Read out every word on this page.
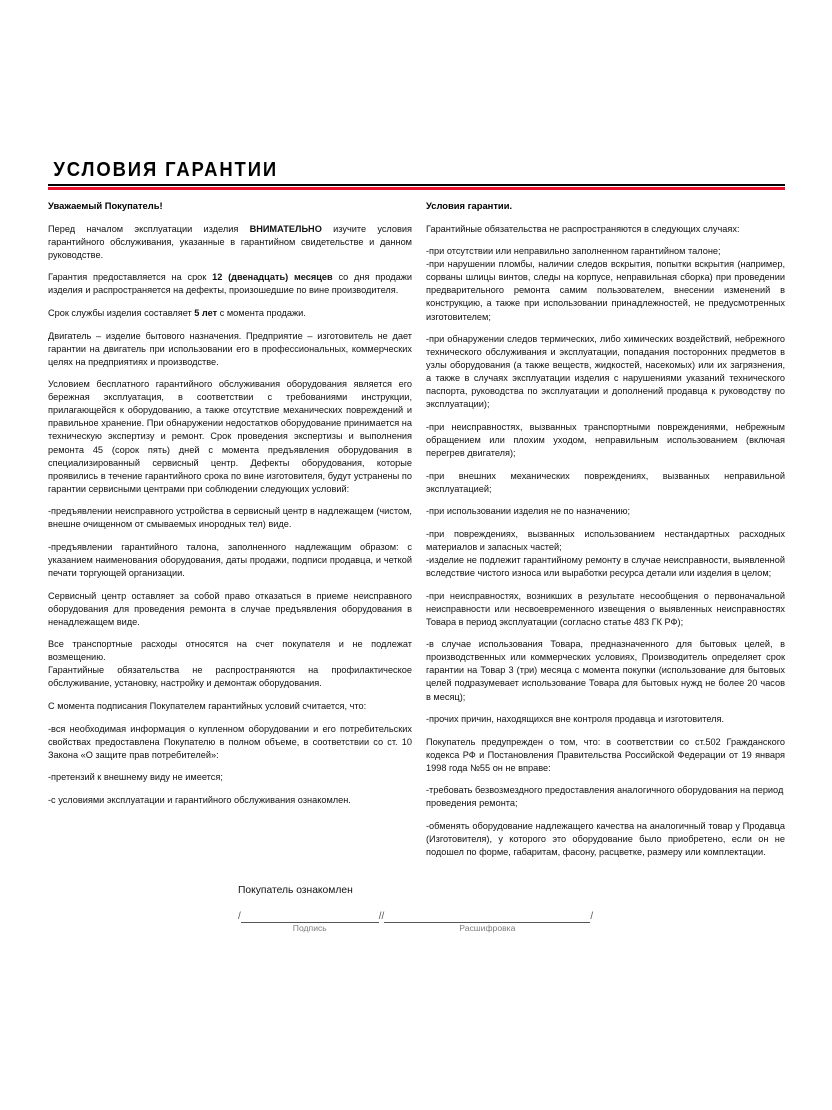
УСЛОВИЯ ГАРАНТИИ

Уважаемый Покупатель!

Перед началом эксплуатации изделия ВНИМАТЕЛЬНО изучите условия гарантийного обслуживания, указанные в гарантийном свидетельстве и данном руководстве.

Гарантия предоставляется на срок 12 (двенадцать) месяцев со дня продажи изделия и распространяется на дефекты, произошедшие по вине производителя.

Срок службы изделия составляет 5 лет с момента продажи.

Двигатель – изделие бытового назначения. Предприятие – изготовитель не дает гарантии на двигатель при использовании его в профессиональных, коммерческих целях на предприятиях и производстве.

Условием бесплатного гарантийного обслуживания оборудования является его бережная эксплуатация, в соответствии с требованиями инструкции, прилагающейся к оборудованию, а также отсутствие механических повреждений и правильное хранение. При обнаружении недостатков оборудование принимается на техническую экспертизу и ремонт. Срок проведения экспертизы и выполнения ремонта 45 (сорок пять) дней с момента предъявления оборудования в специализированный сервисный центр. Дефекты оборудования, которые проявились в течение гарантийного срока по вине изготовителя, будут устранены по гарантии сервисными центрами при соблюдении следующих условий:

-предъявлении неисправного устройства в сервисный центр в надлежащем (чистом, внешне очищенном от смываемых инородных тел) виде.

-предъявлении гарантийного талона, заполненного надлежащим образом: с указанием наименования оборудования, даты продажи, подписи продавца, и четкой печати торгующей организации.

Сервисный центр оставляет за собой право отказаться в приеме неисправного оборудования для проведения ремонта в случае предъявления оборудования в ненадлежащем виде.

Все транспортные расходы относятся на счет покупателя и не подлежат возмещению.

Гарантийные обязательства не распространяются на профилактическое обслуживание, установку, настройку и демонтаж оборудования.

С момента подписания Покупателем гарантийных условий считается, что:

-вся необходимая информация о купленном оборудовании и его потребительских свойствах предоставлена Покупателю в полном объеме, в соответствии со ст. 10 Закона «О защите прав потребителей»:

-претензий к внешнему виду не имеется;

-с условиями эксплуатации и гарантийного обслуживания ознакомлен.

Условия гарантии.

Гарантийные обязательства не распространяются в следующих случаях:

-при отсутствии или неправильно заполненном гарантийном талоне;

-при нарушении пломбы, наличии следов вскрытия, попытки вскрытия (например, сорваны шлицы винтов, следы на корпусе, неправильная сборка) при проведении предварительного ремонта самим пользователем, внесении изменений в конструкцию, а также при использовании принадлежностей, не предусмотренных изготовителем;

-при обнаружении следов термических, либо химических воздействий, небрежного технического обслуживания и эксплуатации, попадания посторонних предметов в узлы оборудования (а также веществ, жидкостей, насекомых) или их загрязнения, а также в случаях эксплуатации изделия с нарушениями указаний технического паспорта, руководства по эксплуатации и дополнений продавца к руководству по эксплуатации);

-при неисправностях, вызванных транспортными повреждениями, небрежным обращением или плохим уходом, неправильным использованием (включая перегрев двигателя);

-при внешних механических повреждениях, вызванных неправильной эксплуатацией;

-при использовании изделия не по назначению;

-при повреждениях, вызванных использованием нестандартных расходных материалов и запасных частей;

-изделие не подлежит гарантийному ремонту в случае неисправности, выявленной вследствие чистого износа или выработки ресурса детали или изделия в целом;

-при неисправностях, возникших в результате несообщения о первоначальной неисправности или несвоевременного извещения о выявленных неисправностях Товара в период эксплуатации (согласно статье 483 ГК РФ);

-в случае использования Товара, предназначенного для бытовых целей, в производственных или коммерческих условиях, Производитель определяет срок гарантии на Товар 3 (три) месяца с момента покупки (использование для бытовых целей подразумевает использование Товара для бытовых нужд не более 20 часов в месяц);

-прочих причин, находящихся вне контроля продавца и изготовителя.

Покупатель предупрежден о том, что: в соответствии со ст.502 Гражданского кодекса РФ и Постановления Правительства Российской Федерации от 19 января 1998 года №55 он не вправе:

-требовать безвозмездного предоставления аналогичного оборудования на период проведения ремонта;

-обменять оборудование надлежащего качества на аналогичный товар у Продавца (Изготовителя), у которого это оборудование было приобретено, если он не подошел по форме, габаритам, фасону, расцветке, размеру или комплектации.

Покупатель ознакомлен
/
Подпись
//
Расшифровка
/
